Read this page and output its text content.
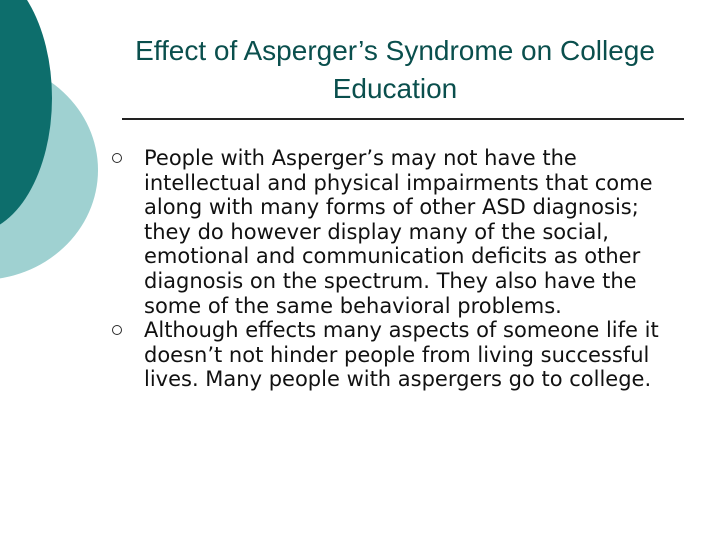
Effect of Asperger’s Syndrome on College Education
People with Asperger’s may not have the intellectual and physical impairments that come along with many forms of other ASD diagnosis; they do however display many of the social, emotional and communication deficits as other diagnosis on the spectrum. They also have the some of the same behavioral problems.
Although effects many aspects of someone life it doesn’t not hinder people from living successful lives. Many people with aspergers go to college.
